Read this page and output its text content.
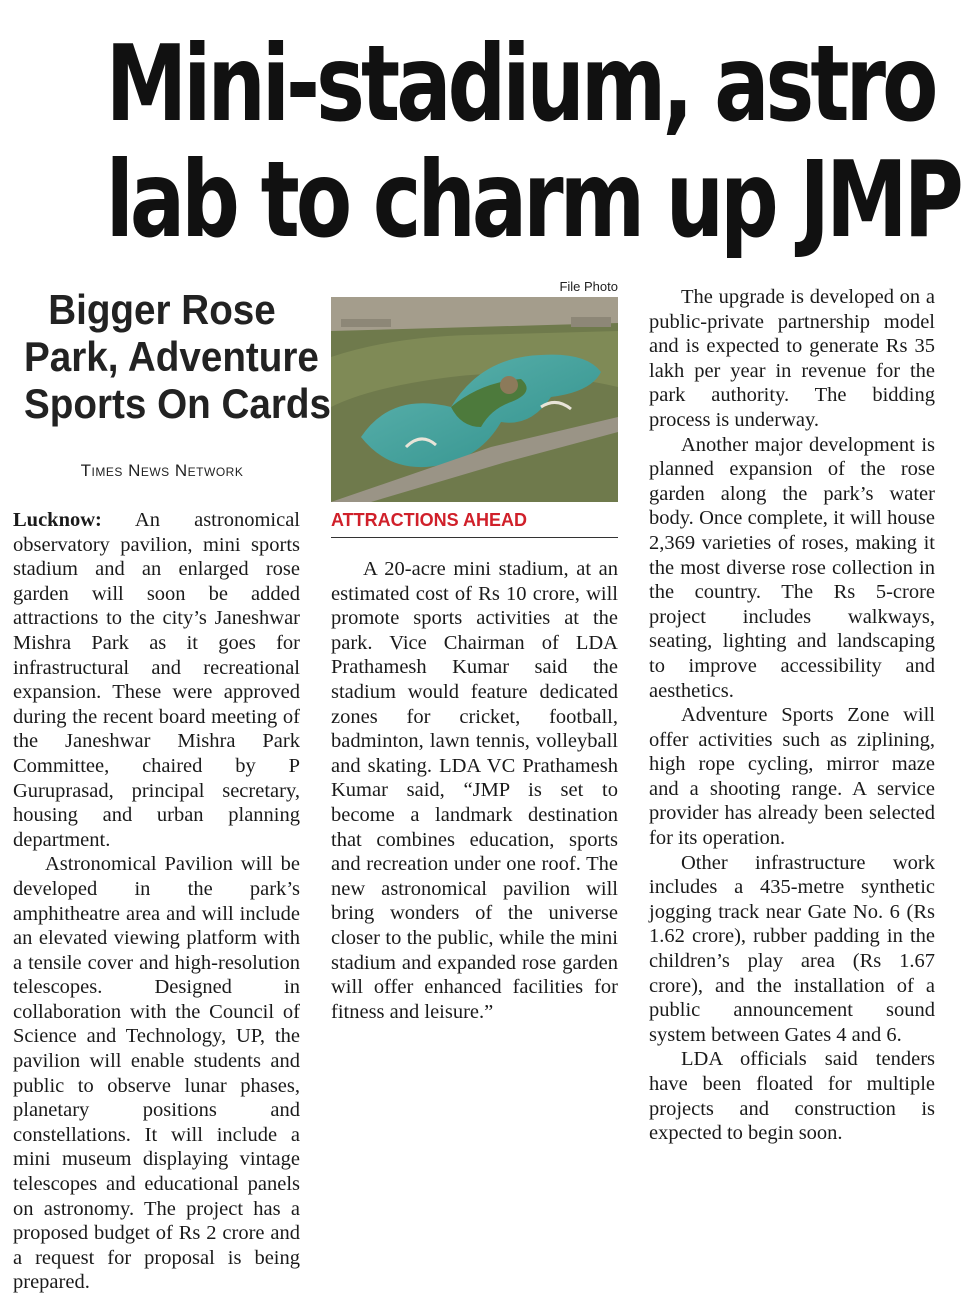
Mini-stadium, astro
lab to charm up JMP
Bigger Rose
Park, Adventure
Sports On Cards
Times News Network

Lucknow: An astronomical observatory pavilion, mini sports stadium and an enlarged rose garden will soon be added attractions to the city’s Janeshwar Mishra Park as it goes for infrastructural and recreational expansion. These were approved during the recent board meeting of the Janeshwar Mishra Park Committee, chaired by P Guruprasad, principal secretary, housing and urban planning department.

Astronomical Pavilion will be developed in the park’s amphitheatre area and will include an elevated viewing platform with a tensile cover and high-resolution telescopes. Designed in collaboration with the Council of Science and Technology, UP, the pavilion will enable students and public to observe lunar phases, planetary positions and constellations. It will include a mini museum displaying vintage telescopes and educational panels on astronomy. The project has a proposed budget of Rs 2 crore and a request for proposal is being prepared.

File Photo
ATTRACTIONS AHEAD

A 20-acre mini stadium, at an estimated cost of Rs 10 crore, will promote sports activities at the park. Vice Chairman of LDA Prathamesh Kumar said the stadium would feature dedicated zones for cricket, football, badminton, lawn tennis, volleyball and skating. LDA VC Prathamesh Kumar said, “JMP is set to become a landmark destination that combines education, sports and recreation under one roof. The new astronomical pavilion will bring wonders of the universe closer to the public, while the mini stadium and expanded rose garden will offer enhanced facilities for fitness and leisure.”

The upgrade is developed on a public-private partnership model and is expected to generate Rs 35 lakh per year in revenue for the park authority. The bidding process is underway.

Another major development is planned expansion of the rose garden along the park’s water body. Once complete, it will house 2,369 varieties of roses, making it the most diverse rose collection in the country. The Rs 5-crore project includes walkways, seating, lighting and landscaping to improve accessibility and aesthetics.

Adventure Sports Zone will offer activities such as ziplining, high rope cycling, mirror maze and a shooting range. A service provider has already been selected for its operation.

Other infrastructure work includes a 435-metre synthetic jogging track near Gate No. 6 (Rs 1.62 crore), rubber padding in the children’s play area (Rs 1.67 crore), and the installation of a public announcement sound system between Gates 4 and 6.

LDA officials said tenders have been floated for multiple projects and construction is expected to begin soon.
